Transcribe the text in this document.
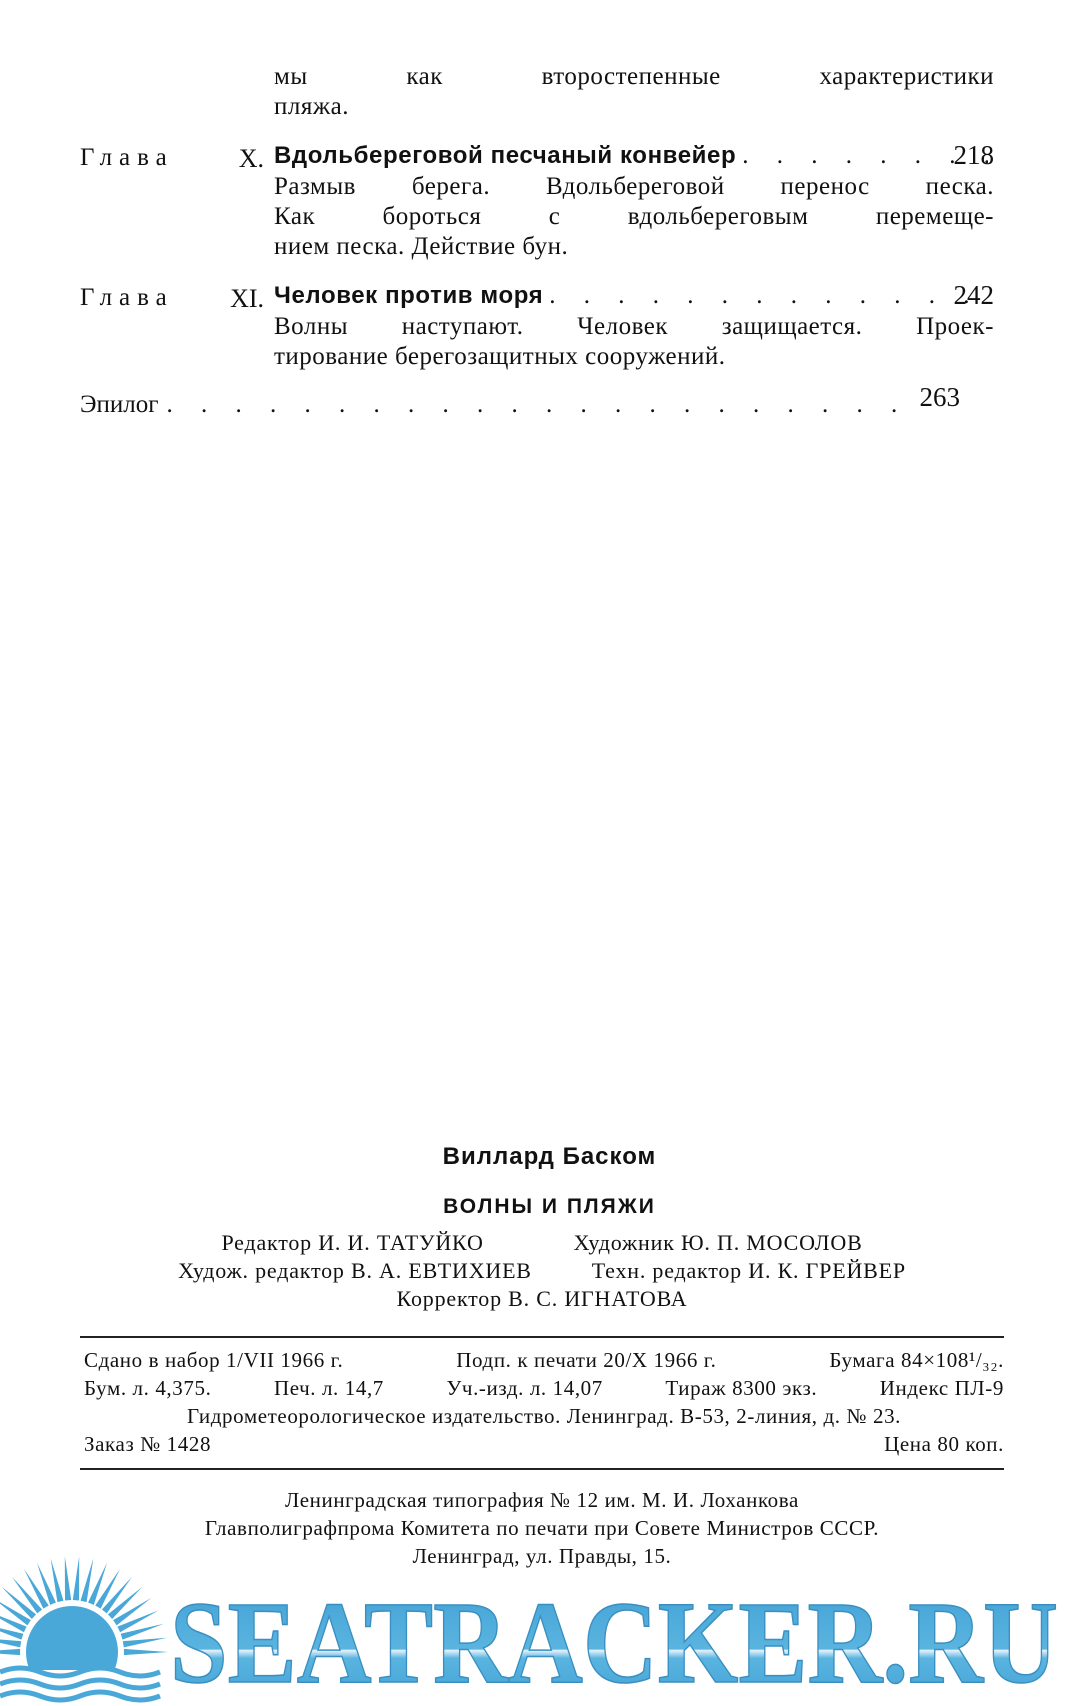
мы как второстепенные характеристики
пляжа.
Глава	X. Вдольбереговой песчаный конвейер
. . .
Размыв берега. Вдольбереговой перенос песка.
Как бороться с вдольбереговым перемеще-
нием песка. Действие бун.
218
Глава XI. Человек против моря
. . .
Волны наступают. Человек защищается. Проек-
тирование берегозащитных сооружений.
242
Эпилог
. . .	263
Виллард Баском
ВОЛНЫ И ПЛЯЖИ
Редактор И. И. ТАТУЙКО	Художник Ю. П. МОСОЛОВ
Худож. редактор В. А. ЕВТИХИЕВ	Техн. редактор И. К. ГРЕЙВЕР
Корректор В. С. ИГНАТОВА
Сдано в набор 1/VII 1966 г.	Подп. к печати 20/X 1966 г.	Бумага 84×108¹/₃₂.
Бум. л. 4,375.	Печ. л. 14,7	Уч.-изд. л. 14,07	Тираж 8300 экз.	Индекс ПЛ-9
Гидрометеорологическое издательство. Ленинград. В-53, 2-линия, д. № 23.
Заказ № 1428	Цена 80 коп.
Ленинградская типография № 12 им. М. И. Лоханкова
Главполиграфпрома Комитета по печати при Совете Министров СССР.
Ленинград, ул. Правды, 15.
SEATRACKER.RU
